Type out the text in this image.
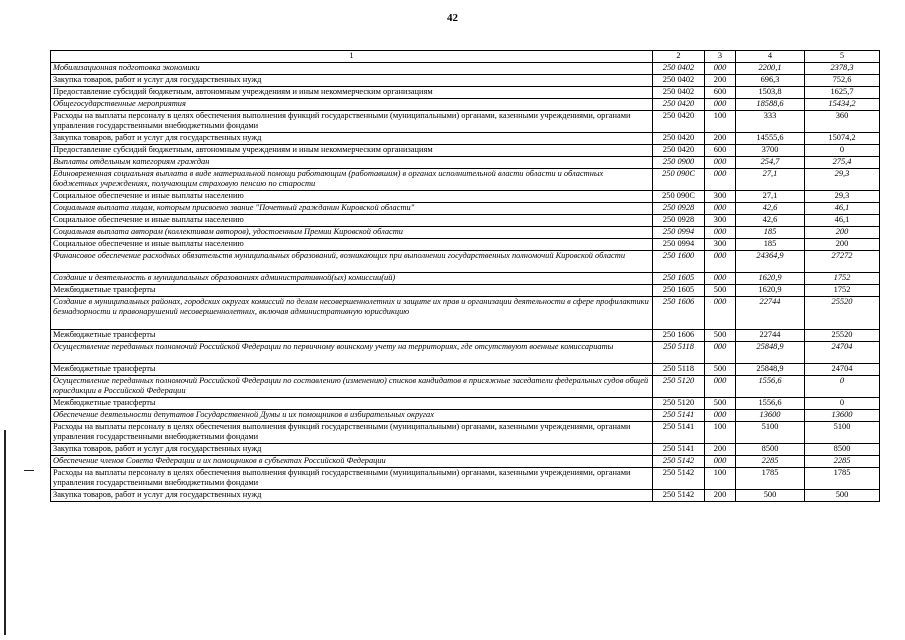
42
1	2	3	4	5
Мобилизационная подготовка экономики	250 0402	000	2200,1	2378,3
Закупка товаров, работ и услуг для государственных нужд	250 0402	200	696,3	752,6
Предоставление субсидий бюджетным, автономным учреждениям и иным некоммерческим организациям	250 0402	600	1503,8	1625,7
Общегосударственные мероприятия	250 0420	000	18588,6	15434,2
Расходы на выплаты персоналу в целях обеспечения выполнения функций государственными (муниципальными) органами, казенными учреждениями, органами управления государственными внебюджетными фондами	250 0420	100	333	360
Закупка товаров, работ и услуг для государственных нужд	250 0420	200	14555,6	15074,2
Предоставление субсидий бюджетным, автономным учреждениям и иным некоммерческим организациям	250 0420	600	3700	0
Выплаты отдельным категориям граждан	250 0900	000	254,7	275,4
Единовременная социальная выплата в виде материальной помощи работающим (работавшим) в органах исполнительной власти области и областных бюджетных учреждениях, получающим страховую пенсию по старости	250 090С	000	27,1	29,3
Социальное обеспечение и иные выплаты населению	250 090С	300	27,1	29,3
Социальная выплата лицам, которым присвоено звание "Почетный гражданин Кировской области"	250 0928	000	42,6	46,1
Социальное обеспечение и иные выплаты населению	250 0928	300	42,6	46,1
Социальная выплата авторам (коллективам авторов), удостоенным Премии Кировской области	250 0994	000	185	200
Социальное обеспечение и иные выплаты населению	250 0994	300	185	200
Финансовое обеспечение расходных обязательств муниципальных образований, возникающих при выполнении государственных полномочий Кировской области	250 1600	000	24364,9	27272
Создание и деятельность в муниципальных образованиях административной(ых) комиссии(ий)	250 1605	000	1620,9	1752
Межбюджетные трансферты	250 1605	500	1620,9	1752
Создание в муниципальных районах, городских округах комиссий по делам несовершеннолетних и защите их прав и организации деятельности в сфере профилактики безнадзорности и правонарушений несовершеннолетних, включая административную юрисдикцию	250 1606	000	22744	25520
Межбюджетные трансферты	250 1606	500	22744	25520
Осуществление переданных полномочий Российской Федерации по первичному воинскому учету на территориях, где отсутствуют военные комиссариаты	250 5118	000	25848,9	24704
Межбюджетные трансферты	250 5118	500	25848,9	24704
Осуществление переданных полномочий Российской Федерации по составлению (изменению) списков кандидатов в присяжные заседатели федеральных судов общей юрисдикции в Российской Федерации	250 5120	000	1556,6	0
Межбюджетные трансферты	250 5120	500	1556,6	0
Обеспечение деятельности депутатов Государственной Думы и их помощников в избирательных округах	250 5141	000	13600	13600
Расходы на выплаты персоналу в целях обеспечения выполнения функций государственными (муниципальными) органами, казенными учреждениями, органами управления государственными внебюджетными фондами	250 5141	100	5100	5100
Закупка товаров, работ и услуг для государственных нужд	250 5141	200	8500	8500
Обеспечение членов Совета Федерации и их помощников в субъектах Российской Федерации	250 5142	000	2285	2285
Расходы на выплаты персоналу в целях обеспечения выполнения функций государственными (муниципальными) органами, казенными учреждениями, органами управления государственными внебюджетными фондами	250 5142	100	1785	1785
Закупка товаров, работ и услуг для государственных нужд	250 5142	200	500	500
